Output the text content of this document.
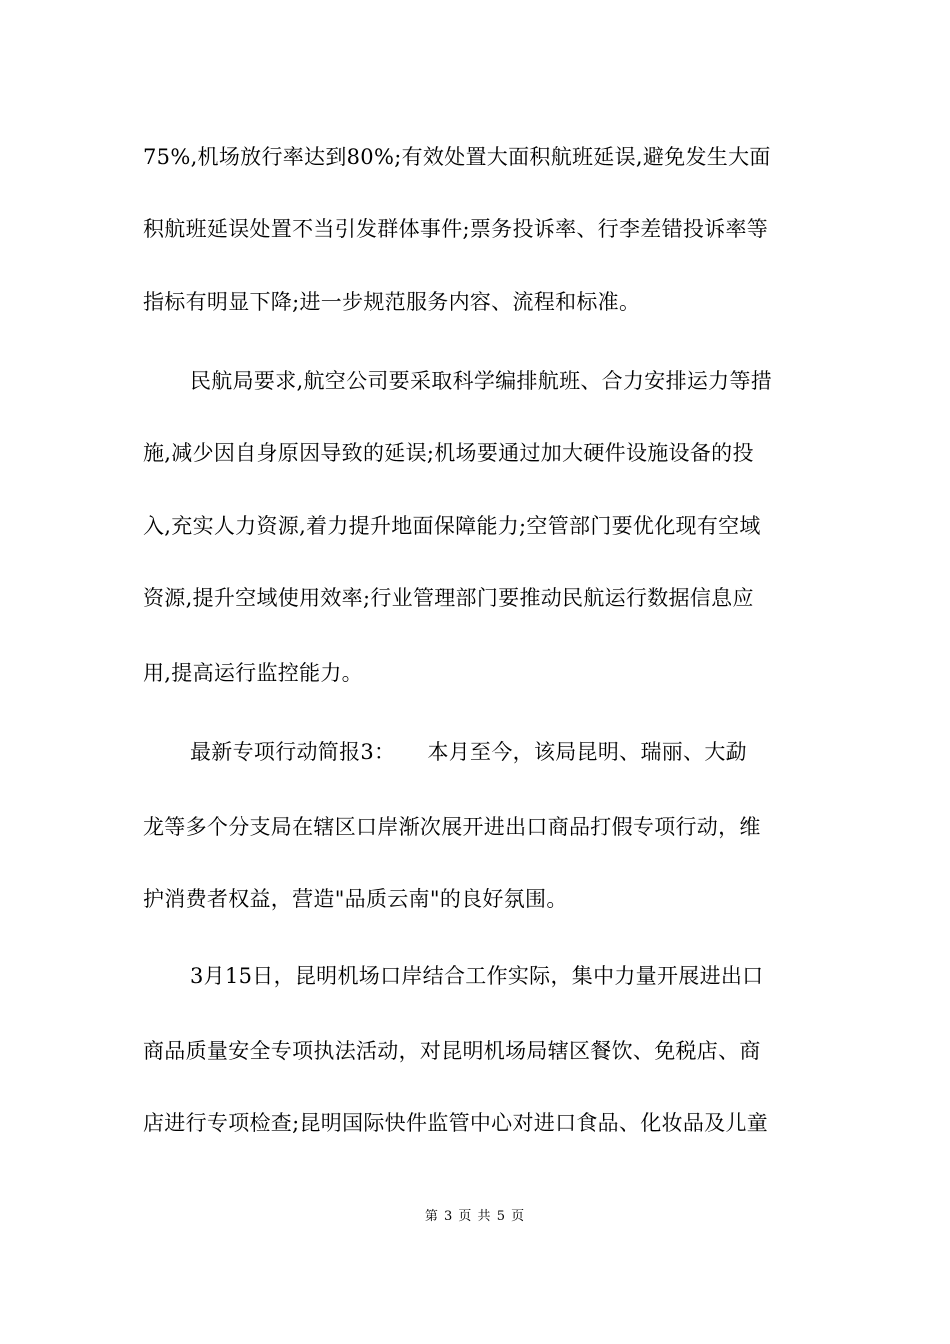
75%,机场放行率达到80%;有效处置大面积航班延误,避免发生大面
积航班延误处置不当引发群体事件;票务投诉率、行李差错投诉率等
指标有明显下降;进一步规范服务内容、流程和标准。
民航局要求,航空公司要采取科学编排航班、合力安排运力等措
施,减少因自身原因导致的延误;机场要通过加大硬件设施设备的投
入,充实人力资源,着力提升地面保障能力;空管部门要优化现有空域
资源,提升空域使用效率;行业管理部门要推动民航运行数据信息应
用,提高运行监控能力。
最新专项行动简报3：　　本月至今，该局昆明、瑞丽、大勐
龙等多个分支局在辖区口岸渐次展开进出口商品打假专项行动，维
护消费者权益，营造"品质云南"的良好氛围。
3月15日，昆明机场口岸结合工作实际，集中力量开展进出口
商品质量安全专项执法活动，对昆明机场局辖区餐饮、免税店、商
店进行专项检查;昆明国际快件监管中心对进口食品、化妆品及儿童
第 3 页 共 5 页
